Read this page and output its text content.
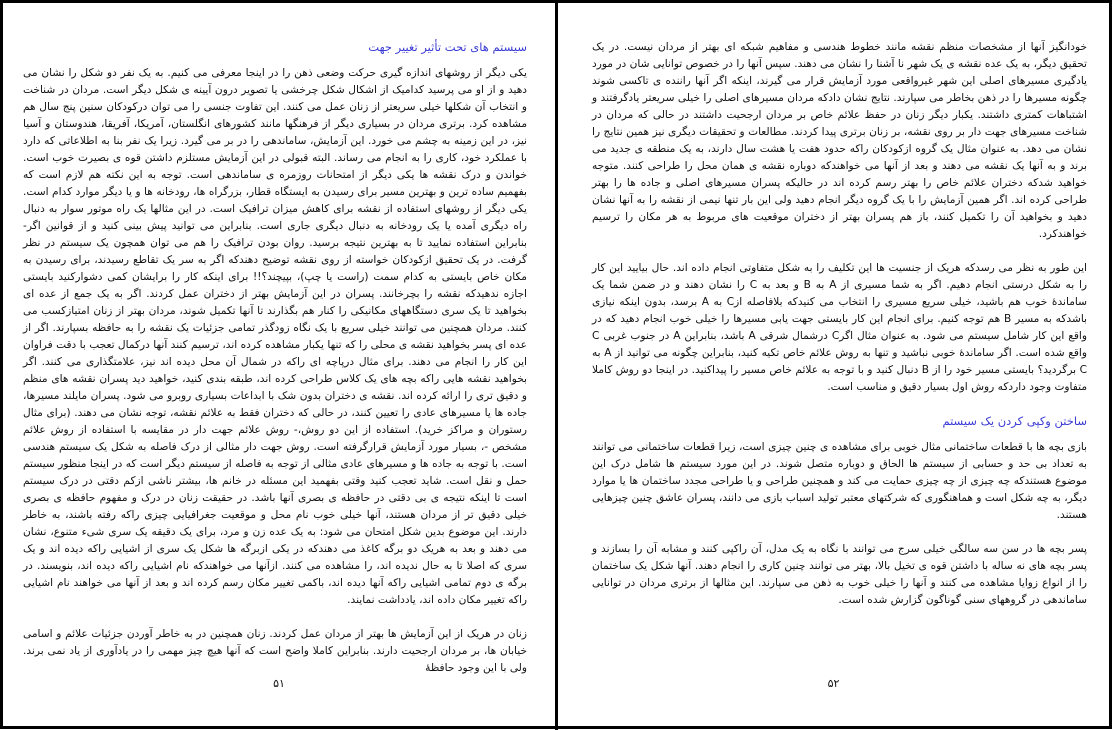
سیستم های تحت تأثیر تغییر جهت

یکی دیگر از روشهای اندازه گیری حرکت وضعی ذهن را در اینجا معرفی می کنیم. به یک نفر دو شکل را نشان می دهید و از او می پرسید کدامیک از اشکال شکل چرخشی یا تصویر درون آیینه ی شکل دیگر است. مردان در شناخت و انتخاب آن شکلها خیلی سریعتر از زنان عمل می کنند. این تفاوت جنسی را می توان درکودکان سنین پنج سال هم مشاهده کرد. برتری مردان در بسیاری دیگر از فرهنگها مانند کشورهای انگلستان، آمریکا، آفریقا، هندوستان و آسیا نیز، در این زمینه به چشم می خورد. این آزمایش، ساماندهی را در بر می گیرد. زیرا یک نفر بنا به اطلاعاتی که دارد با عملکرد خود، کاری را به انجام می رساند. البته قبولی در این آزمایش مستلزم داشتن قوه ی بصیرت خوب است. خواندن و درک نقشه ها یکی دیگر از امتحانات روزمره ی ساماندهی است. توجه به این نکته هم لازم است که بفهمیم ساده ترین و بهترین مسیر برای رسیدن به ایستگاه قطار، بزرگراه ها، رودخانه ها و یا دیگر موارد کدام است. یکی دیگر از روشهای استفاده از نقشه برای کاهش میزان ترافیک است. در این مثالها یک راه موتور سوار به دنبال راه دیگری آمده یا یک رودخانه به دنبال دیگری جاری است. بنابراین می توانید پیش بینی کنید و از قوانین اگر- بنابراین استفاده نمایید تا به بهترین نتیجه برسید. روان بودن ترافیک را هم می توان همچون یک سیستم در نظر گرفت. در یک تحقیق ازکودکان خواسته از روی نقشه توضیح دهندکه اگر به سر یک تقاطع رسیدند، برای رسیدن به مکان خاص بایستی به کدام سمت (راست یا چپ)، بپیچند؟!! برای اینکه کار را برایشان کمی دشوارکنید بایستی اجازه ندهیدکه نقشه را بچرخانند. پسران در این آزمایش بهتر از دختران عمل کردند. اگر به یک جمع از عده ای بخواهید تا یک سری دستگاههای مکانیکی را کنار هم بگذارند تا آنها تکمیل شوند، مردان بهتر از زنان امتیازکسب می کنند. مردان همچنین می توانند خیلی سریع با یک نگاه زودگذر تمامی جزئیات یک نقشه را به حافظه بسپارند. اگر از عده ای پسر بخواهید نقشه ی محلی را که تنها یکبار مشاهده کرده اند، ترسیم کنند آنها درکمال تعجب با دقت فراوان این کار را انجام می دهند. برای مثال درپاچه ای راکه در شمال آن محل دیده اند نیز، علامتگذاری می کنند. اگر بخواهید نقشه هایی راکه بچه های یک کلاس طراحی کرده اند، طبقه بندی کنید، خواهید دید پسران نقشه های منظم و دقیق تری را ارائه کرده اند. نقشه ی دختران بدون شک با ابداعات بسیاری روبرو می شود. پسران مایلند مسیرها، جاده ها یا مسیرهای عادی را تعیین کنند، در حالی که دختران فقط به علائم نقشه، توجه نشان می دهند. (برای مثال رستوران و مراکز خرید). استفاده از این دو روش،- روش علائم جهت دار در مقایسه با استفاده از روش علائم مشخص -، بسیار مورد آزمایش قرارگرفته است. روش جهت دار مثالی از درک فاصله به شکل یک سیستم هندسی است. با توجه به جاده ها و مسیرهای عادی مثالی از توجه به فاصله از سیستم دیگر است که در اینجا منظور سیستم حمل و نقل است. شاید تعجب کنید وقتی بفهمید این مسئله در خانم ها، بیشتر ناشی ازکم دقتی در درک سیستم است تا اینکه نتیجه ی بی دقتی در حافظه ی بصری آنها باشد. در حقیقت زنان در درک و مفهوم حافظه ی بصری خیلی دقیق تر از مردان هستند، آنها خیلی خوب نام محل و موقعیت جغرافیایی چیزی راکه رفته باشند، به خاطر دارند. این موضوع بدین شکل امتحان می شود: به یک عده زن و مرد، برای یک دقیقه یک سری شیء متنوع، نشان می دهند و بعد به هریک دو برگه کاغذ می دهندکه در یکی ازبرگه ها شکل یک سری از اشیایی راکه دیده اند و یک سری که اصلا تا به حال ندیده اند، را مشاهده می کنند. ازآنها می خواهندکه نام اشیایی راکه دیده اند، بنویسند. در برگه ی دوم تمامی اشیایی راکه آنها دیده اند، باکمی تغییر مکان رسم کرده اند و بعد از آنها می خواهند نام اشیایی راکه تغییر مکان داده اند، یادداشت نمایند.

زنان در هریک از این آزمایش ها بهتر از مردان عمل کردند. زنان همچنین در به خاطر آوردن جزئیات علائم و اسامی خیابان ها، بر مردان ارجحیت دارند. بنابراین کاملا واضح است که آنها هیچ چیز مهمی را در یادآوری از یاد نمی برند. ولی با این وجود حافظهٔ

۵۱

خودانگیز آنها از مشخصات منظم نقشه مانند خطوط هندسی و مفاهیم شبکه ای بهتر از مردان نیست. در یک تحقیق دیگر، به یک عده نقشه ی یک شهر نا آشنا را نشان می دهند. سپس آنها را در خصوص توانایی شان در مورد یادگیری مسیرهای اصلی این شهر غیرواقعی مورد آزمایش قرار می گیرند، اینکه اگر آنها راننده ی تاکسی شوند چگونه مسیرها را در ذهن بخاطر می سپارند. نتایج نشان دادکه مردان مسیرهای اصلی را خیلی سریعتر یادگرفتند و اشتباهات کمتری داشتند. یکبار دیگر زنان در حفظ علائم خاص بر مردان ارجحیت داشتند در حالی که مردان در شناخت مسیرهای جهت دار بر روی نقشه، بر زنان برتری پیدا کردند. مطالعات و تحقیقات دیگری نیز همین نتایج را نشان می دهد. به عنوان مثال یک گروه ازکودکان راکه حدود هفت یا هشت سال دارند، به یک منطقه ی جدید می برند و به آنها یک نقشه می دهند و بعد از آنها می خواهندکه دوباره نقشه ی همان محل را طراحی کنند. متوجه خواهید شدکه دختران علائم خاص را بهتر رسم کرده اند در حالیکه پسران مسیرهای اصلی و جاده ها را بهتر طراحی کرده اند. اگر همین آزمایش را با یک گروه دیگر انجام دهید ولی این بار تنها نیمی از نقشه را به آنها نشان دهید و بخواهید آن را تکمیل کنند، باز هم پسران بهتر از دختران موقعیت های مربوط به هر مکان را ترسیم خواهندکرد.

این طور به نظر می رسدکه هریک از جنسیت ها این تکلیف را به شکل متفاوتی انجام داده اند. حال بیایید این کار را به شکل درستی انجام دهیم. اگر به شما مسیری از A به B و بعد به C را نشان دهند و در ضمن شما یک ساماندهٔ خوب هم باشید، خیلی سریع مسیری را انتخاب می کنیدکه بلافاصله ازC به A برسد، بدون اینکه نیازی باشدکه به مسیر B هم توجه کنیم. برای انجام این کار بایستی جهت یابی مسیرها را خیلی خوب انجام دهید که در واقع این کار شامل سیستم می شود. به عنوان مثال اگرC درشمال شرقی A باشد، بنابراین A در جنوب غربی C واقع شده است. اگر ساماندهٔ خوبی نباشید و تنها به روش علائم خاص تکیه کنید، بنابراین چگونه می توانید از A به C برگردید؟ بایستی مسیر خود را از B دنبال کنید و با توجه به علائم خاص مسیر را پیداکنید. در اینجا دو روش کاملا متفاوت وجود داردکه روش اول بسیار دقیق و مناسب است.

ساختن وکپی کردن یک سیستم

بازی بچه ها با قطعات ساختمانی مثال خوبی برای مشاهده ی چنین چیزی است، زیرا قطعات ساختمانی می توانند به تعداد بی حد و حسابی از سیستم ها الحاق و دوباره متصل شوند. در این مورد سیستم ها شامل درک این موضوع هستندکه چه چیزی از چه چیزی حمایت می کند و همچنین طراحی و یا طراحی مجدد ساختمان ها یا موارد دیگر، به چه شکل است و هماهنگوری که شرکتهای معتبر تولید اسباب بازی می دانند، پسران عاشق چنین چیزهایی هستند.

پسر بچه ها در سن سه سالگی خیلی سرج می توانند با نگاه به یک مدل، آن راکپی کنند و مشابه آن را بسازند و پسر بچه های نه ساله با داشتن قوه ی تخیل بالا، بهتر می توانند چنین کاری را انجام دهند. آنها شکل یک ساختمان را از انواع زوایا مشاهده می کنند و آنها را خیلی خوب به ذهن می سپارند. این مثالها از برتری مردان در توانایی ساماندهی در گروههای سنی گوناگون گزارش شده است.

۵۲
